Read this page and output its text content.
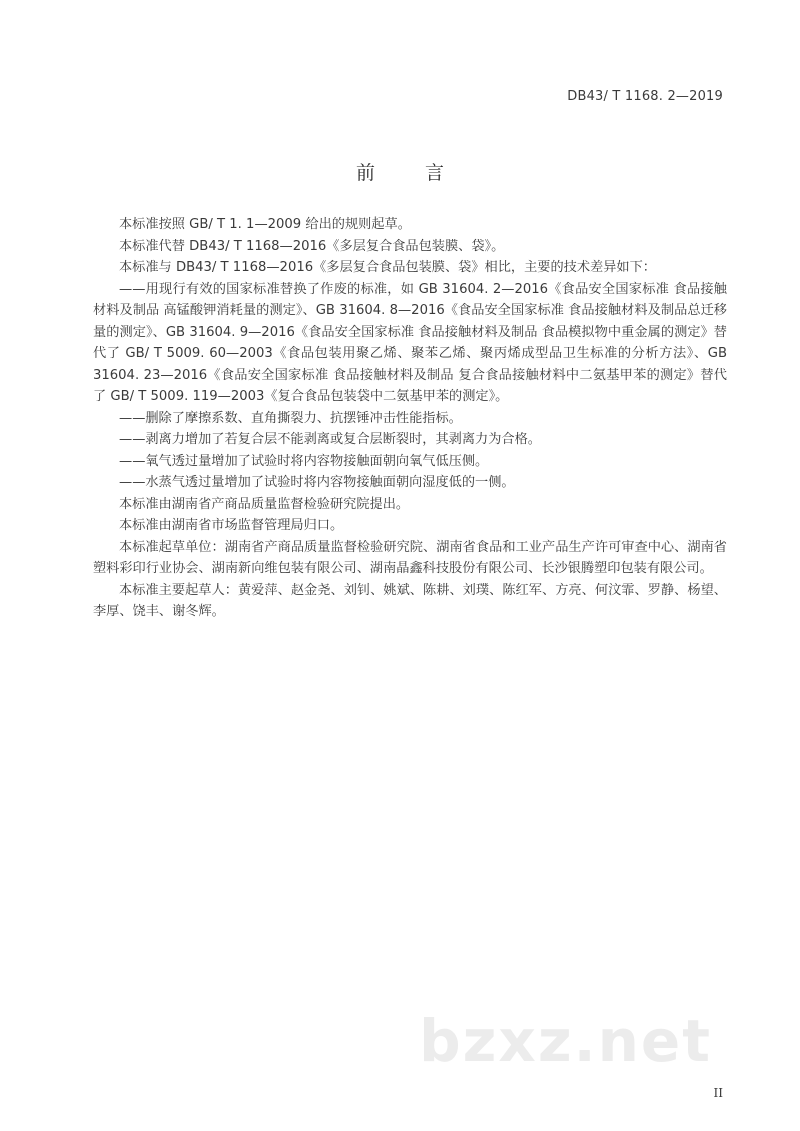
DB43/ T 1168. 2—2019
前 言

本标准按照 GB/ T 1. 1—2009 给出的规则起草。

本标准代替 DB43/ T 1168—2016《多层复合食品包装膜、袋》。

本标准与 DB43/ T 1168—2016《多层复合食品包装膜、袋》相比，主要的技术差异如下：

——用现行有效的国家标准替换了作废的标准，如 GB 31604. 2—2016《食品安全国家标准 食品接触材料及制品 高锰酸钾消耗量的测定》、GB 31604. 8—2016《食品安全国家标准 食品接触材料及制品总迁移量的测定》、GB 31604. 9—2016《食品安全国家标准 食品接触材料及制品 食品模拟物中重金属的测定》替代了 GB/ T 5009. 60—2003《食品包装用聚乙烯、聚苯乙烯、聚丙烯成型品卫生标准的分析方法》、GB 31604. 23—2016《食品安全国家标准 食品接触材料及制品 复合食品接触材料中二氨基甲苯的测定》替代了 GB/ T 5009. 119—2003《复合食品包装袋中二氨基甲苯的测定》。

——删除了摩擦系数、直角撕裂力、抗摆锤冲击性能指标。

——剥离力增加了若复合层不能剥离或复合层断裂时，其剥离力为合格。

——氧气透过量增加了试验时将内容物接触面朝向氧气低压侧。

——水蒸气透过量增加了试验时将内容物接触面朝向湿度低的一侧。

本标准由湖南省产商品质量监督检验研究院提出。

本标准由湖南省市场监督管理局归口。

本标准起草单位：湖南省产商品质量监督检验研究院、湖南省食品和工业产品生产许可审查中心、湖南省塑料彩印行业协会、湖南新向维包装有限公司、湖南晶鑫科技股份有限公司、长沙银腾塑印包装有限公司。

本标准主要起草人：黄爱萍、赵金尧、刘钊、姚斌、陈耕、刘璞、陈红军、方亮、何汶霏、罗静、杨望、李厚、饶丰、谢冬辉。

bzxz.net
II
